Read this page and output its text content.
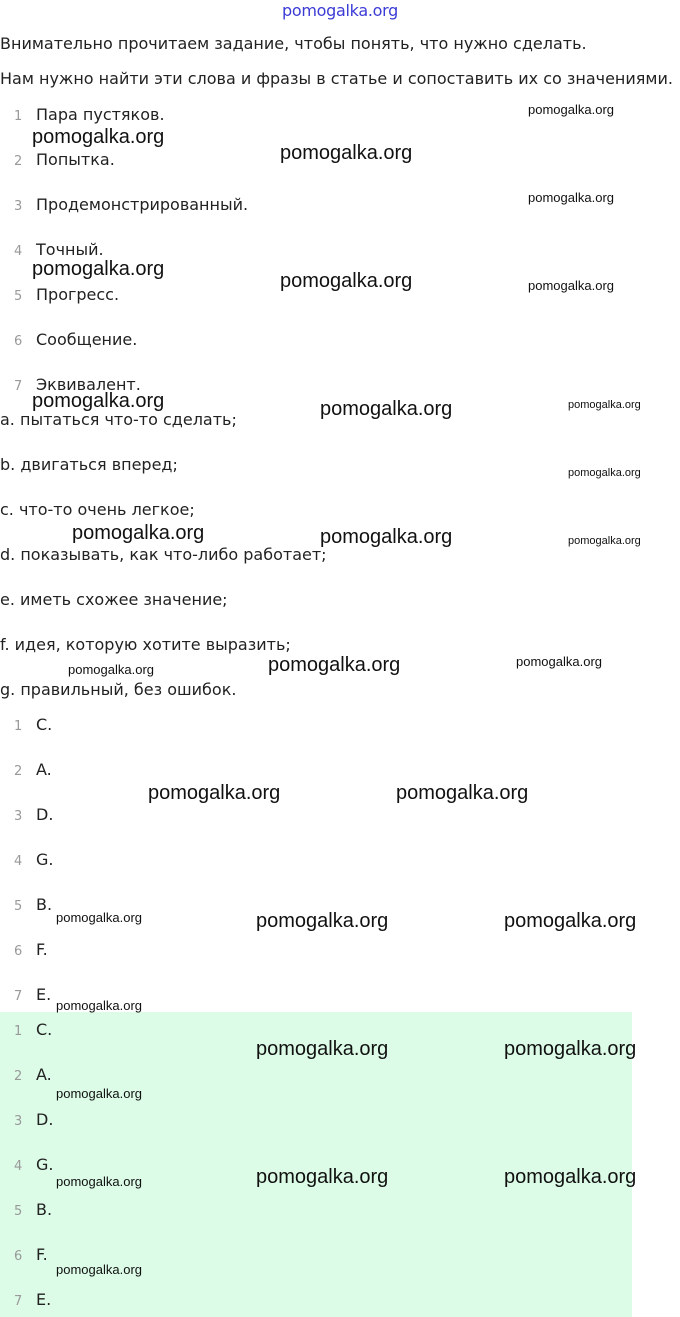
pomogalka.org
Внимательно прочитаем задание, чтобы понять, что нужно сделать.
Нам нужно найти эти слова и фразы в статье и сопоставить их со значениями.
1 Пара пустяков.
2 Попытка.
3 Продемонстрированный.
4 Точный.
5 Прогресс.
6 Сообщение.
7 Эквивалент.
a. пытаться что-то сделать;
b. двигаться вперед;
c. что-то очень легкое;
d. показывать, как что-либо работает;
e. иметь схожее значение;
f. идея, которую хотите выразить;
g. правильный, без ошибок.
1 C.
2 A.
3 D.
4 G.
5 B.
6 F.
7 E.
1 C.
2 A.
3 D.
4 G.
5 B.
6 F.
7 E.
pomogalka.org
pomogalka.org
pomogalka.org
pomogalka.org
pomogalka.org
pomogalka.org	pomogalka.org
pomogalka.org	pomogalka.org	pomogalka.org
pomogalka.org
pomogalka.org	pomogalka.org	pomogalka.org
pomogalka.org	pomogalka.org	pomogalka.org
pomogalka.org	pomogalka.org
pomogalka.org	pomogalka.org	pomogalka.org
pomogalka.org
pomogalka.org	pomogalka.org
pomogalka.org
pomogalka.org	pomogalka.org	pomogalka.org
pomogalka.org
